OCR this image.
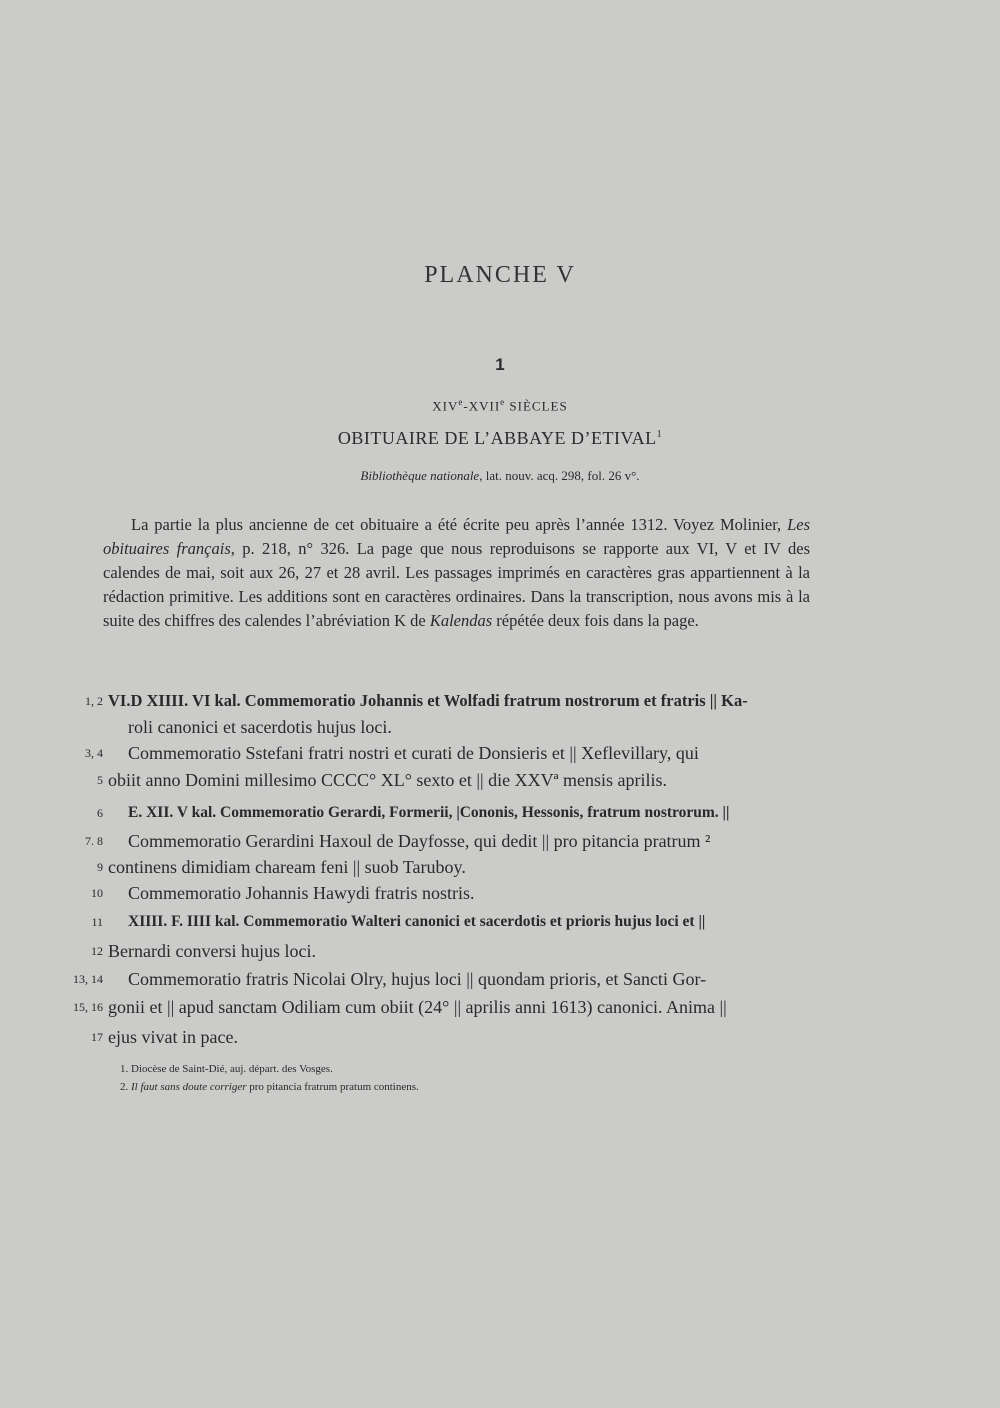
PLANCHE V
1
XIVe-XVIIe SIÈCLES
OBITUAIRE DE L’ABBAYE D’ETIVAL$^1$
Bibliothèque nationale, lat. nouv. acq. 298, fol. 26 v°.

La partie la plus ancienne de cet obituaire a été écrite peu après l’année 1312. Voyez Molinier, Les obituaires français, p. 218, n° 326. La page que nous reproduisons se rapporte aux VI, V et IV des calendes de mai, soit aux 26, 27 et 28 avril. Les passages imprimés en caractères gras appartiennent à la rédaction primitive. Les additions sont en caractères ordinaires. Dans la transcription, nous avons mis à la suite des chiffres des calendes l’abréviation K de Kalendas répétée deux fois dans la page.

1, 2 VI.D XIIII. VI kal. Commemoratio Johannis et Wolfadi fratrum nostrorum et fratris || Ka-
roli canonici et sacerdotis hujus loci.
3, 4 Commemoratio Sstefani fratri nostri et curati de Donsieris et || Xeflevillary, qui
5 obiit anno Domini millesimo CCCC° XL° sexto et || die XXVª mensis aprilis.
6 E. XII. V kal. Commemoratio Gerardi, Formerii, |Cononis, Hessonis, fratrum nostrorum. ||
7. 8 Commemoratio Gerardini Haxoul de Dayfosse, qui dedit || pro pitancia pratrum ²
9 continens dimidiam chaream feni || suob Taruboy.
10 Commemoratio Johannis Hawydi fratris nostris.
11 XIIII. F. IIII kal. Commemoratio Walteri canonici et sacerdotis et prioris hujus loci et ||
12 Bernardi conversi hujus loci.
13, 14 Commemoratio fratris Nicolai Olry, hujus loci || quondam prioris, et Sancti Gor-
15, 16 gonii et || apud sanctam Odiliam cum obiit (24° || aprilis anni 1613) canonici. Anima ||
17 ejus vivat in pace.
1. Diocèse de Saint-Dié, auj. départ. des Vosges.
2. Il faut sans doute corriger pro pitancia fratrum pratum continens.
